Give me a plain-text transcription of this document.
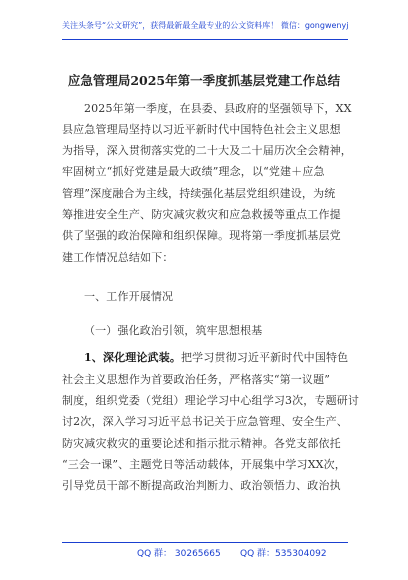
关注头条号“公文研究”，获得最新最全最专业的公文资料库！ 微信：gongwenyj
应急管理局2025年第一季度抓基层党建工作总结
2025年第一季度，在县委、县政府的坚强领导下，XX
县应急管理局坚持以习近平新时代中国特色社会主义思想
为指导，深入贯彻落实党的二十大及二十届历次全会精神，
牢固树立“抓好党建是最大政绩”理念，以“党建＋应急
管理”深度融合为主线，持续强化基层党组织建设，为统
筹推进安全生产、防灾减灾救灾和应急救援等重点工作提
供了坚强的政治保障和组织保障。现将第一季度抓基层党
建工作情况总结如下：
一、工作开展情况
（一）强化政治引领，筑牢思想根基
1、深化理论武装。把学习贯彻习近平新时代中国特色
社会主义思想作为首要政治任务，严格落实“第一议题”
制度，组织党委（党组）理论学习中心组学习3次，专题研讨
讨2次，深入学习习近平总书记关于应急管理、安全生产、
防灾减灾救灾的重要论述和指示批示精神。各党支部依托
“三会一课”、主题党日等活动载体，开展集中学习XX次，
引导党员干部不断提高政治判断力、政治领悟力、政治执
QQ 群： 30265665 QQ 群：535304092
